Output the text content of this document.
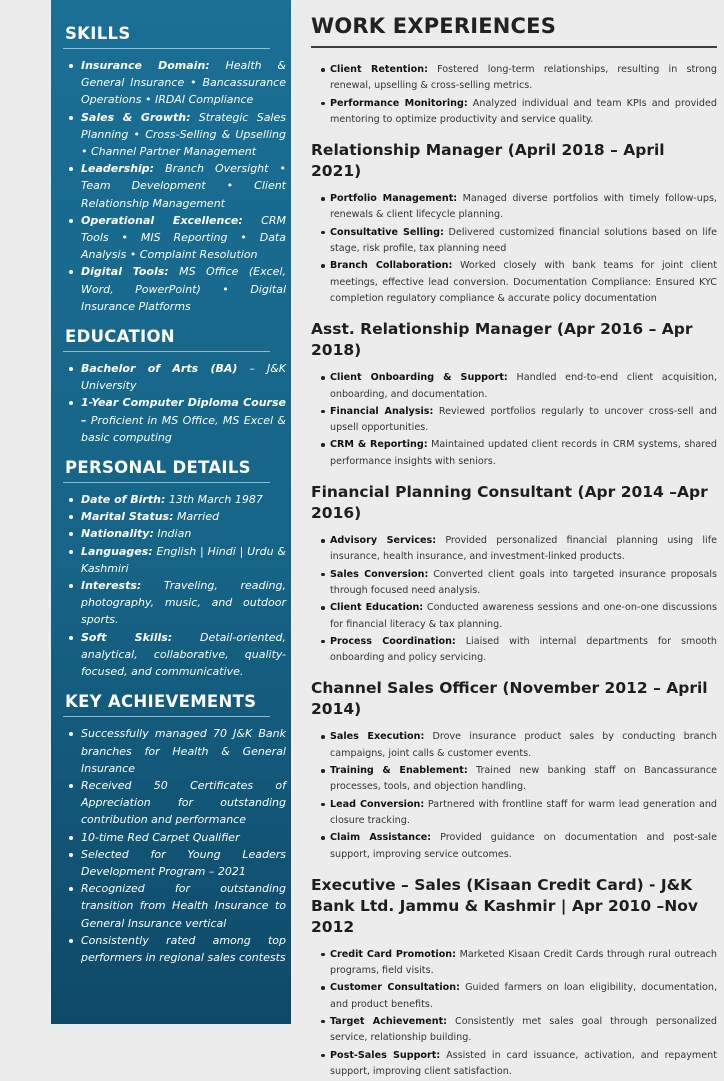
SKILLS
Insurance Domain: Health & General Insurance • Bancassurance Operations • IRDAI Compliance
Sales & Growth: Strategic Sales Planning • Cross-Selling & Upselling • Channel Partner Management
Leadership: Branch Oversight • Team Development • Client Relationship Management
Operational Excellence: CRM Tools • MIS Reporting • Data Analysis • Complaint Resolution
Digital Tools: MS Office (Excel, Word, PowerPoint) • Digital Insurance Platforms
EDUCATION
Bachelor of Arts (BA) – J&K University
1-Year Computer Diploma Course – Proficient in MS Office, MS Excel & basic computing
PERSONAL DETAILS
Date of Birth: 13th March 1987
Marital Status: Married
Nationality: Indian
Languages: English | Hindi | Urdu & Kashmiri
Interests: Traveling, reading, photography, music, and outdoor sports.
Soft Skills: Detail-oriented, analytical, collaborative, quality-focused, and communicative.
KEY ACHIEVEMENTS
Successfully managed 70 J&K Bank branches for Health & General Insurance
Received 50 Certificates of Appreciation for outstanding contribution and performance
10-time Red Carpet Qualifier
Selected for Young Leaders Development Program – 2021
Recognized for outstanding transition from Health Insurance to General Insurance vertical
Consistently rated among top performers in regional sales contests
WORK EXPERIENCES
Client Retention: Fostered long-term relationships, resulting in strong renewal, upselling & cross-selling metrics.
Performance Monitoring: Analyzed individual and team KPIs and provided mentoring to optimize productivity and service quality.
Relationship Manager (April 2018 – April 2021)
Portfolio Management: Managed diverse portfolios with timely follow-ups, renewals & client lifecycle planning.
Consultative Selling: Delivered customized financial solutions based on life stage, risk profile, tax planning need
Branch Collaboration: Worked closely with bank teams for joint client meetings, effective lead conversion. Documentation Compliance: Ensured KYC completion regulatory compliance & accurate policy documentation
Asst. Relationship Manager (Apr 2016 – Apr 2018)
Client Onboarding & Support: Handled end-to-end client acquisition, onboarding, and documentation.
Financial Analysis: Reviewed portfolios regularly to uncover cross-sell and upsell opportunities.
CRM & Reporting: Maintained updated client records in CRM systems, shared performance insights with seniors.
Financial Planning Consultant (Apr 2014 –Apr 2016)
Advisory Services: Provided personalized financial planning using life insurance, health insurance, and investment-linked products.
Sales Conversion: Converted client goals into targeted insurance proposals through focused need analysis.
Client Education: Conducted awareness sessions and one-on-one discussions for financial literacy & tax planning.
Process Coordination: Liaised with internal departments for smooth onboarding and policy servicing.
Channel Sales Officer (November 2012 – April 2014)
Sales Execution: Drove insurance product sales by conducting branch campaigns, joint calls & customer events.
Training & Enablement: Trained new banking staff on Bancassurance processes, tools, and objection handling.
Lead Conversion: Partnered with frontline staff for warm lead generation and closure tracking.
Claim Assistance: Provided guidance on documentation and post-sale support, improving service outcomes.
Executive – Sales (Kisaan Credit Card) - J&K Bank Ltd. Jammu & Kashmir | Apr 2010 –Nov 2012
Credit Card Promotion: Marketed Kisaan Credit Cards through rural outreach programs, field visits.
Customer Consultation: Guided farmers on loan eligibility, documentation, and product benefits.
Target Achievement: Consistently met sales goal through personalized service, relationship building.
Post-Sales Support: Assisted in card issuance, activation, and repayment support, improving client satisfaction.
